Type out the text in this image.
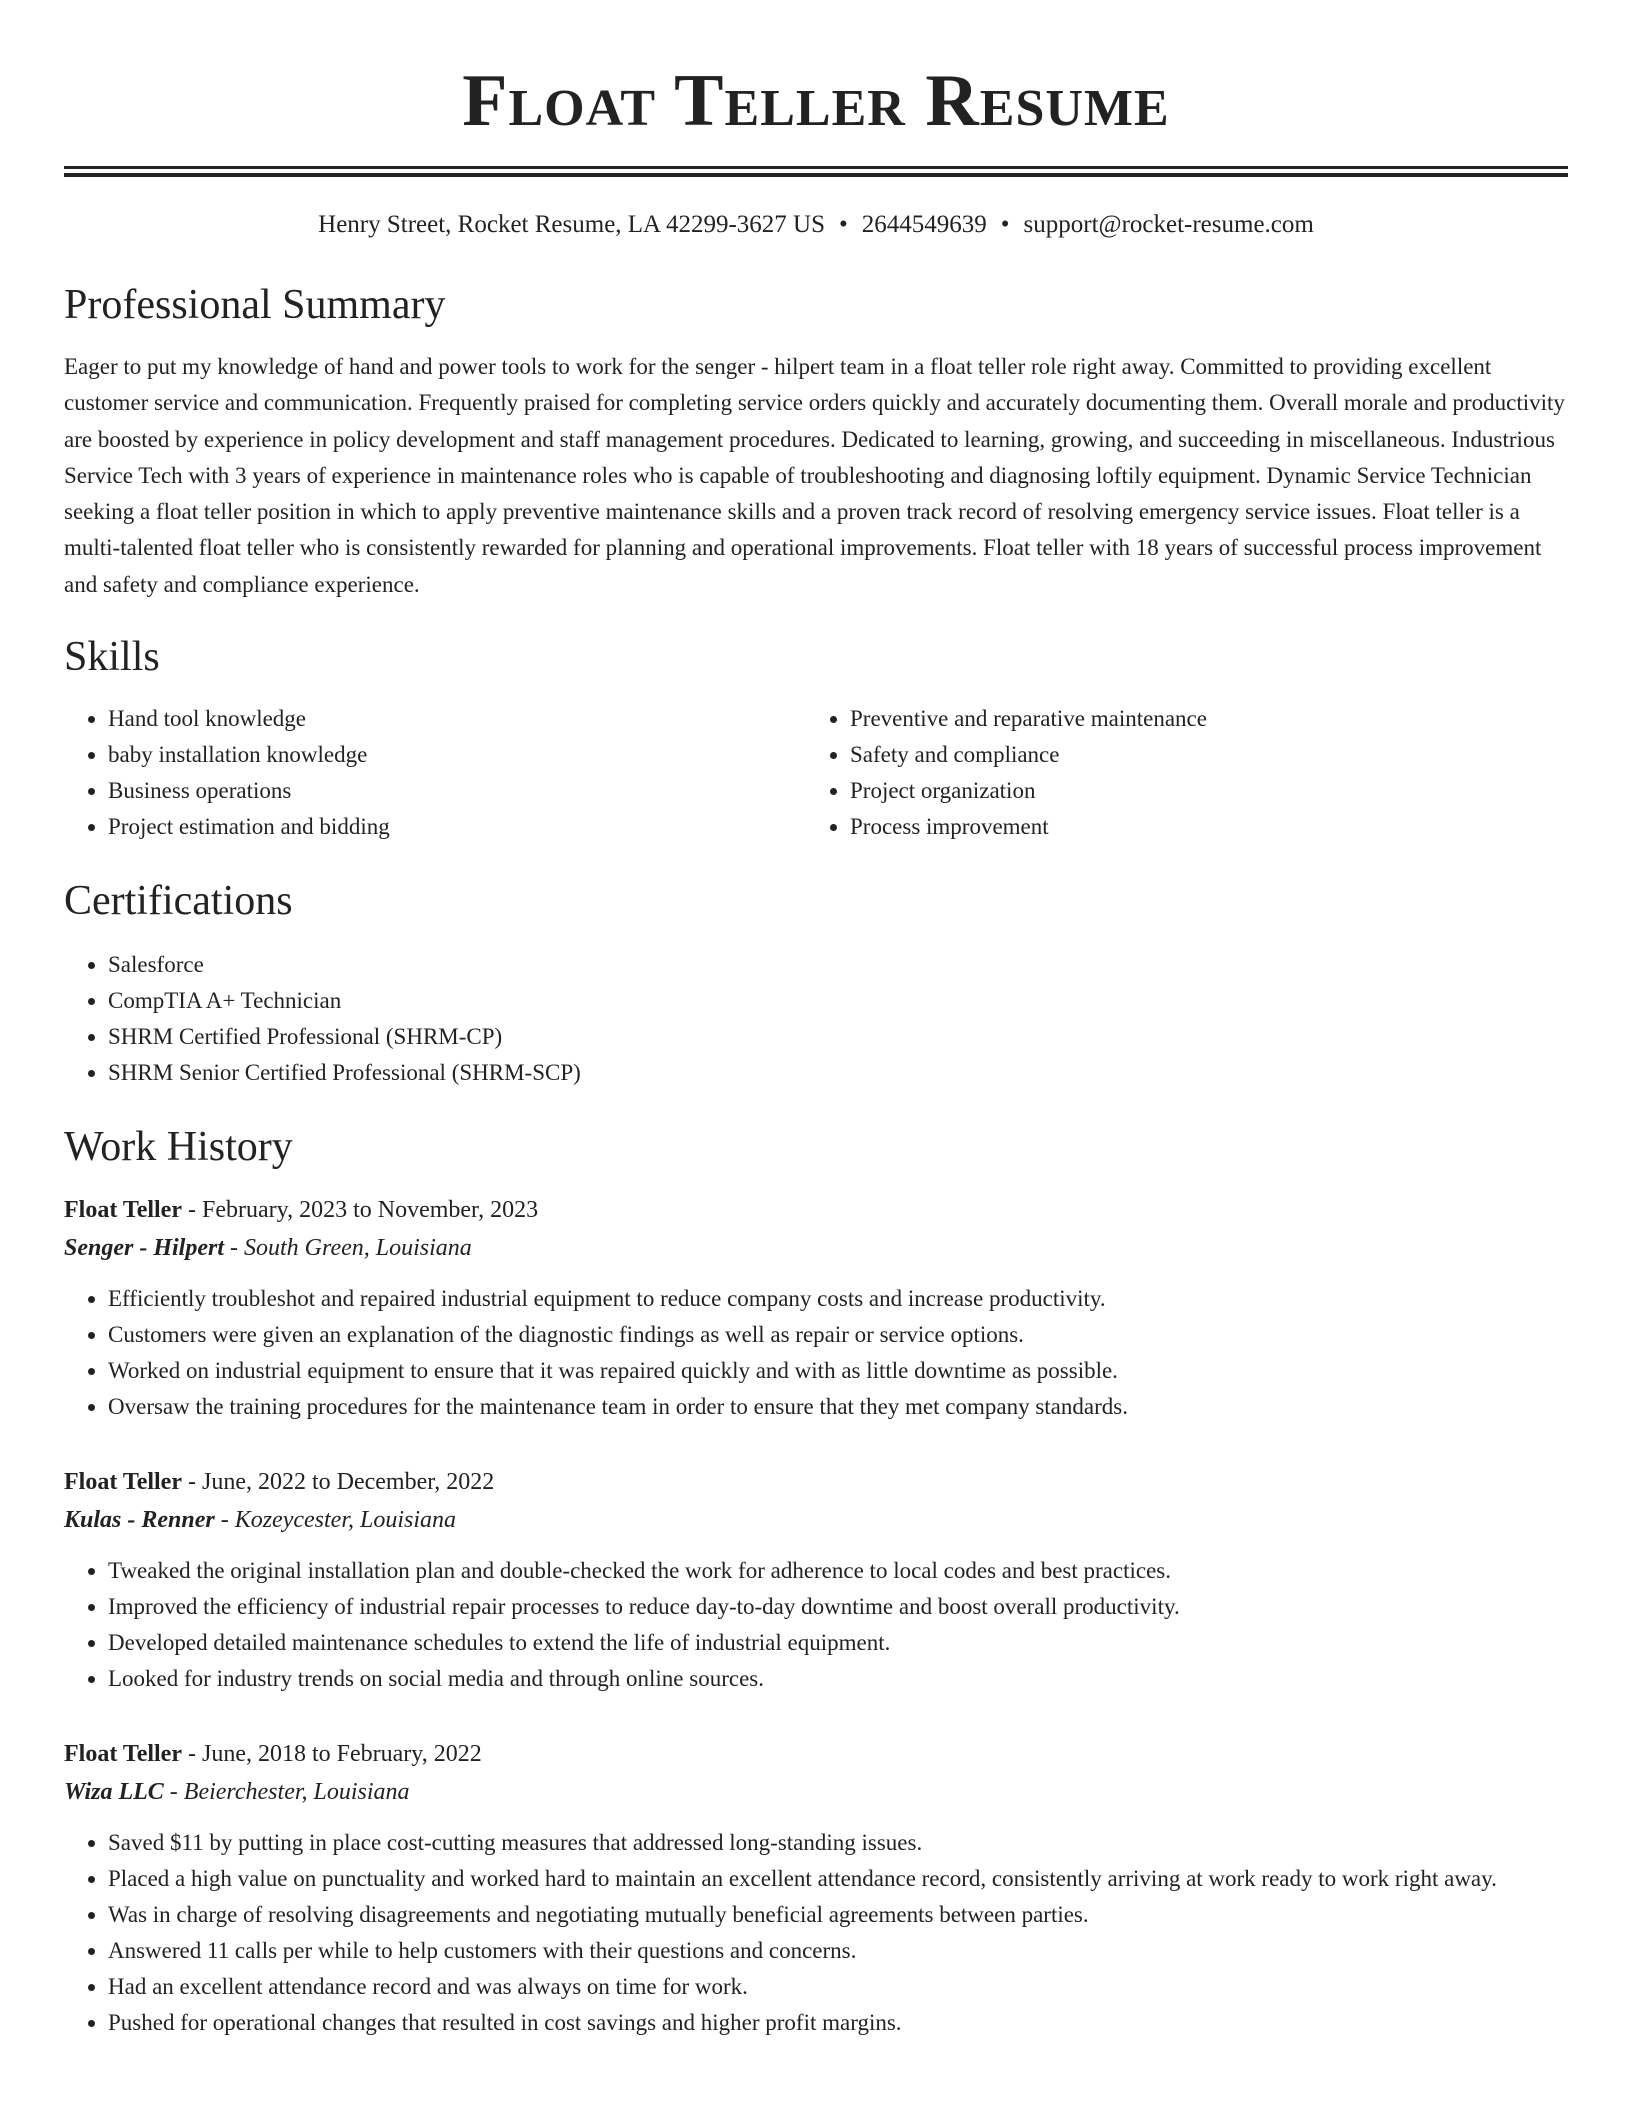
Float Teller Resume
Henry Street, Rocket Resume, LA 42299-3627 US • 2644549639 • support@rocket-resume.com
Professional Summary

Eager to put my knowledge of hand and power tools to work for the senger - hilpert team in a float teller role right away. Committed to providing excellent customer service and communication. Frequently praised for completing service orders quickly and accurately documenting them. Overall morale and productivity are boosted by experience in policy development and staff management procedures. Dedicated to learning, growing, and succeeding in miscellaneous. Industrious Service Tech with 3 years of experience in maintenance roles who is capable of troubleshooting and diagnosing loftily equipment. Dynamic Service Technician seeking a float teller position in which to apply preventive maintenance skills and a proven track record of resolving emergency service issues. Float teller is a multi-talented float teller who is consistently rewarded for planning and operational improvements. Float teller with 18 years of successful process improvement and safety and compliance experience.

Skills
• Hand tool knowledge
• baby installation knowledge
• Business operations
• Project estimation and bidding
• Preventive and reparative maintenance
• Safety and compliance
• Project organization
• Process improvement
Certifications
• Salesforce
• CompTIA A+ Technician
• SHRM Certified Professional (SHRM-CP)
• SHRM Senior Certified Professional (SHRM-SCP)
Work History
Float Teller - February, 2023 to November, 2023
Senger - Hilpert - South Green, Louisiana
• Efficiently troubleshot and repaired industrial equipment to reduce company costs and increase productivity.
• Customers were given an explanation of the diagnostic findings as well as repair or service options.
• Worked on industrial equipment to ensure that it was repaired quickly and with as little downtime as possible.
• Oversaw the training procedures for the maintenance team in order to ensure that they met company standards.
Float Teller - June, 2022 to December, 2022
Kulas - Renner - Kozeycester, Louisiana
• Tweaked the original installation plan and double-checked the work for adherence to local codes and best practices.
• Improved the efficiency of industrial repair processes to reduce day-to-day downtime and boost overall productivity.
• Developed detailed maintenance schedules to extend the life of industrial equipment.
• Looked for industry trends on social media and through online sources.
Float Teller - June, 2018 to February, 2022
Wiza LLC - Beierchester, Louisiana
• Saved $11 by putting in place cost-cutting measures that addressed long-standing issues.
• Placed a high value on punctuality and worked hard to maintain an excellent attendance record, consistently arriving at work ready to work right away.
• Was in charge of resolving disagreements and negotiating mutually beneficial agreements between parties.
• Answered 11 calls per while to help customers with their questions and concerns.
• Had an excellent attendance record and was always on time for work.
• Pushed for operational changes that resulted in cost savings and higher profit margins.
